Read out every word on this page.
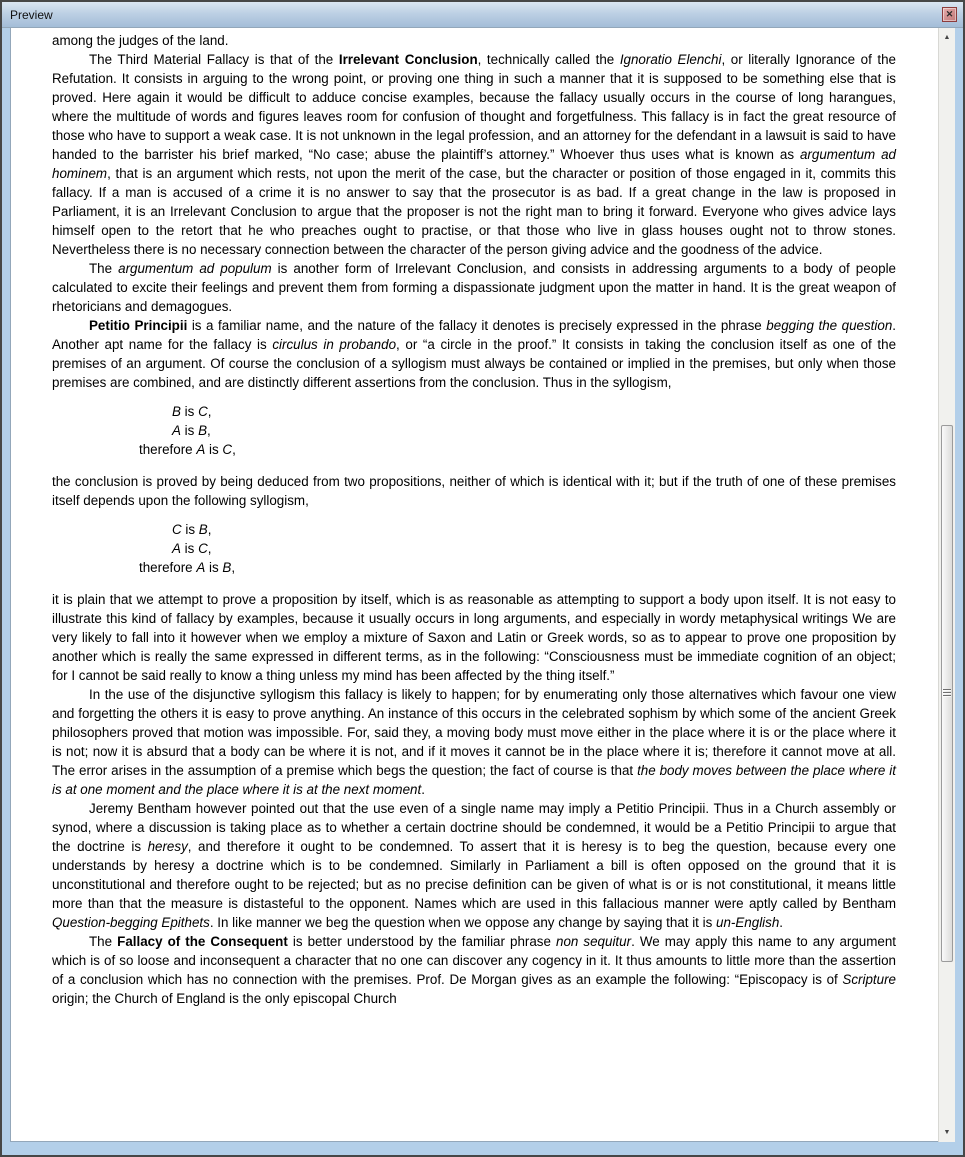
Preview	✕

among the judges of the land.

The Third Material Fallacy is that of the Irrelevant Conclusion, technically called the Ignoratio Elenchi, or literally Ignorance of the Refutation. It consists in arguing to the wrong point, or proving one thing in such a manner that it is supposed to be something else that is proved. Here again it would be difficult to adduce concise examples, because the fallacy usually occurs in the course of long harangues, where the multitude of words and figures leaves room for confusion of thought and forgetfulness. This fallacy is in fact the great resource of those who have to support a weak case. It is not unknown in the legal profession, and an attorney for the defendant in a lawsuit is said to have handed to the barrister his brief marked, “No case; abuse the plaintiff’s attorney.” Whoever thus uses what is known as argumentum ad hominem, that is an argument which rests, not upon the merit of the case, but the character or position of those engaged in it, commits this fallacy. If a man is accused of a crime it is no answer to say that the prosecutor is as bad. If a great change in the law is proposed in Parliament, it is an Irrelevant Conclusion to argue that the proposer is not the right man to bring it forward. Everyone who gives advice lays himself open to the retort that he who preaches ought to practise, or that those who live in glass houses ought not to throw stones. Nevertheless there is no necessary connection between the character of the person giving advice and the goodness of the advice.

The argumentum ad populum is another form of Irrelevant Conclusion, and consists in addressing arguments to a body of people calculated to excite their feelings and prevent them from forming a dispassionate judgment upon the matter in hand. It is the great weapon of rhetoricians and demagogues.

Petitio Principii is a familiar name, and the nature of the fallacy it denotes is precisely expressed in the phrase begging the question. Another apt name for the fallacy is circulus in probando, or “a circle in the proof.” It consists in taking the conclusion itself as one of the premises of an argument. Of course the conclusion of a syllogism must always be contained or implied in the premises, but only when those premises are combined, and are distinctly different assertions from the conclusion. Thus in the syllogism,

B is C,
A is B,
therefore A is C,

the conclusion is proved by being deduced from two propositions, neither of which is identical with it; but if the truth of one of these premises itself depends upon the following syllogism,

C is B,
A is C,
therefore A is B,

it is plain that we attempt to prove a proposition by itself, which is as reasonable as attempting to support a body upon itself. It is not easy to illustrate this kind of fallacy by examples, because it usually occurs in long arguments, and especially in wordy metaphysical writings We are very likely to fall into it however when we employ a mixture of Saxon and Latin or Greek words, so as to appear to prove one proposition by another which is really the same expressed in different terms, as in the following: “Consciousness must be immediate cognition of an object; for I cannot be said really to know a thing unless my mind has been affected by the thing itself.”

In the use of the disjunctive syllogism this fallacy is likely to happen; for by enumerating only those alternatives which favour one view and forgetting the others it is easy to prove anything. An instance of this occurs in the celebrated sophism by which some of the ancient Greek philosophers proved that motion was impossible. For, said they, a moving body must move either in the place where it is or the place where it is not; now it is absurd that a body can be where it is not, and if it moves it cannot be in the place where it is; therefore it cannot move at all. The error arises in the assumption of a premise which begs the question; the fact of course is that the body moves between the place where it is at one moment and the place where it is at the next moment.

Jeremy Bentham however pointed out that the use even of a single name may imply a Petitio Principii. Thus in a Church assembly or synod, where a discussion is taking place as to whether a certain doctrine should be condemned, it would be a Petitio Principii to argue that the doctrine is heresy, and therefore it ought to be condemned. To assert that it is heresy is to beg the question, because every one understands by heresy a doctrine which is to be condemned. Similarly in Parliament a bill is often opposed on the ground that it is unconstitutional and therefore ought to be rejected; but as no precise definition can be given of what is or is not constitutional, it means little more than that the measure is distasteful to the opponent. Names which are used in this fallacious manner were aptly called by Bentham Question-begging Epithets. In like manner we beg the question when we oppose any change by saying that it is un-English.

The Fallacy of the Consequent is better understood by the familiar phrase non sequitur. We may apply this name to any argument which is of so loose and inconsequent a character that no one can discover any cogency in it. It thus amounts to little more than the assertion of a conclusion which has no connection with the premises. Prof. De Morgan gives as an example the following: “Episcopacy is of Scripture origin; the Church of England is the only episcopal Church

▲
▼
